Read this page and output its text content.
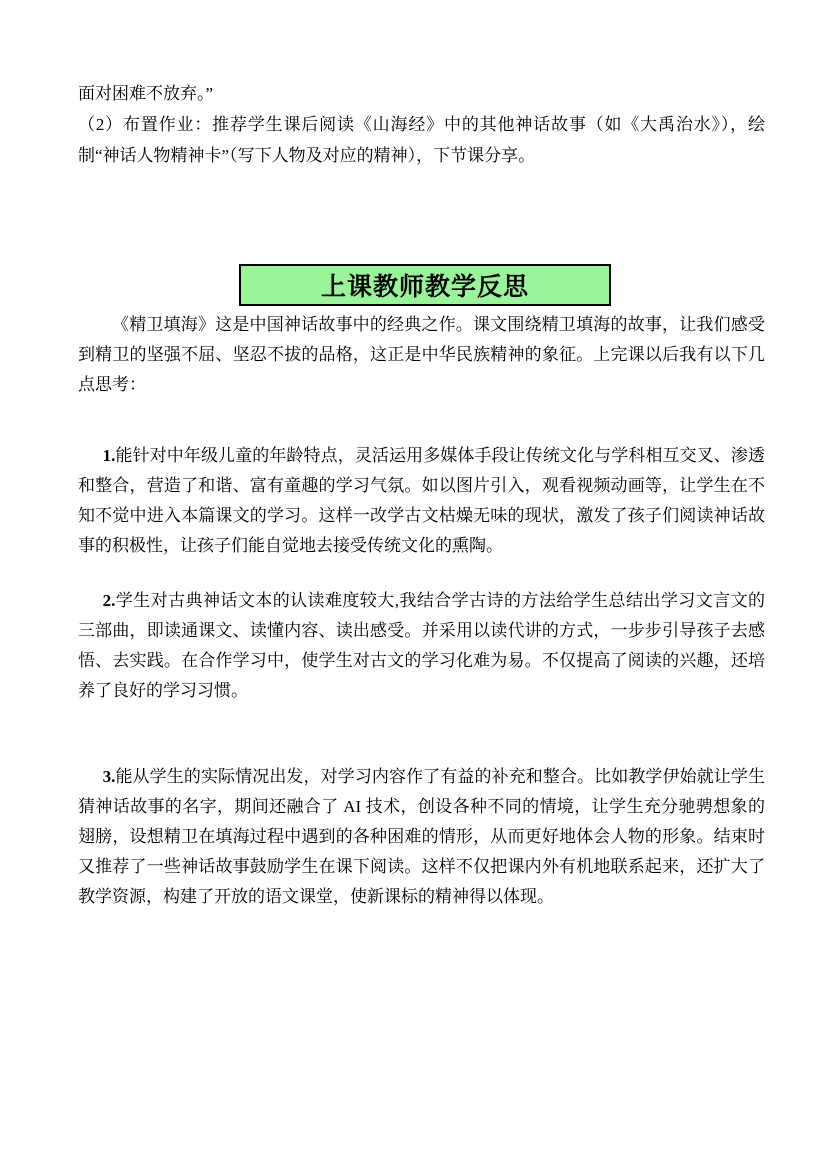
面对困难不放弃。”

（2）布置作业：推荐学生课后阅读《山海经》中的其他神话故事（如《大禹治水》），绘制“神话人物精神卡”（写下人物及对应的精神），下节课分享。

上课教师教学反思

《精卫填海》这是中国神话故事中的经典之作。课文围绕精卫填海的故事，让我们感受到精卫的坚强不屈、坚忍不拔的品格，这正是中华民族精神的象征。上完课以后我有以下几点思考：

1.能针对中年级儿童的年龄特点，灵活运用多媒体手段让传统文化与学科相互交叉、渗透和整合，营造了和谐、富有童趣的学习气氛。如以图片引入，观看视频动画等，让学生在不知不觉中进入本篇课文的学习。这样一改学古文枯燥无味的现状，激发了孩子们阅读神话故事的积极性，让孩子们能自觉地去接受传统文化的熏陶。

2.学生对古典神话文本的认读难度较大,我结合学古诗的方法给学生总结出学习文言文的三部曲，即读通课文、读懂内容、读出感受。并采用以读代讲的方式，一步步引导孩子去感悟、去实践。在合作学习中，使学生对古文的学习化难为易。不仅提高了阅读的兴趣，还培养了良好的学习习惯。

3.能从学生的实际情况出发，对学习内容作了有益的补充和整合。比如教学伊始就让学生猜神话故事的名字，期间还融合了 AI 技术，创设各种不同的情境，让学生充分驰骋想象的翅膀，设想精卫在填海过程中遇到的各种困难的情形，从而更好地体会人物的形象。结束时又推荐了一些神话故事鼓励学生在课下阅读。这样不仅把课内外有机地联系起来，还扩大了教学资源，构建了开放的语文课堂，使新课标的精神得以体现。
